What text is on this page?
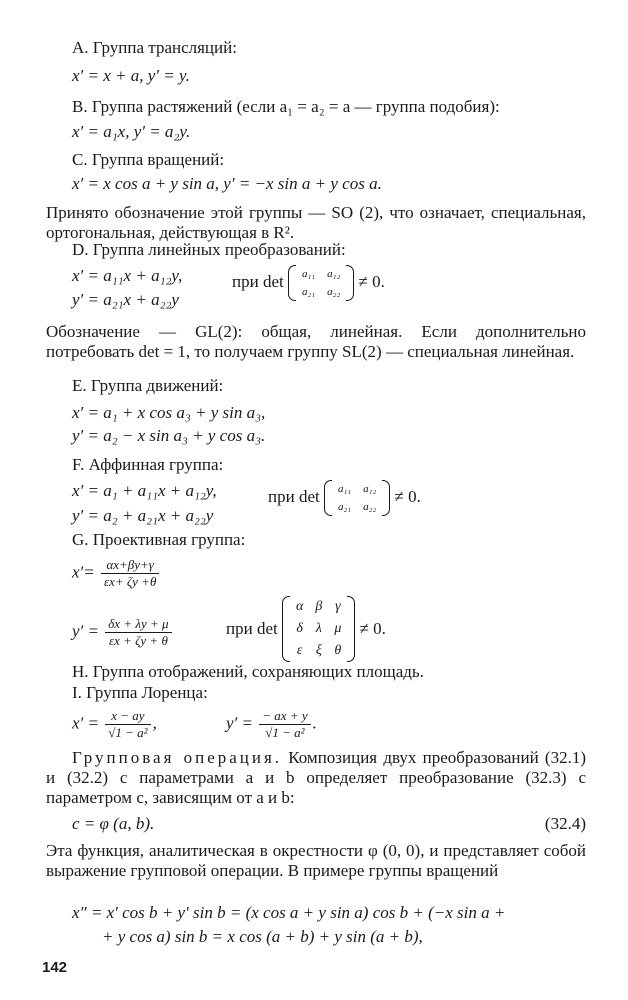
A. Группа трансляций:
x′ = x + a, y′ = y.
B. Группа растяжений (если a₁ = a₂ = a — группа подобия):
x′ = a₁x, y′ = a₂y.
C. Группа вращений:
x′ = x cos a + y sin a, y′ = −x sin a + y cos a.
Принято обозначение этой группы — SO (2), что означает, специальная, ортогональная, действующая в R².
D. Группа линейных преобразований:
x′ = a₁₁x + a₁₂y,
y′ = a₂₁x + a₂₂y
при det a₁₁	a₁₂
a₂₁	a₂₂
≠ 0.
Обозначение — GL(2): общая, линейная. Если дополнительно потребовать det = 1, то получаем группу SL(2) — специальная линейная.
E. Группа движений:
x′ = a₁ + x cos a₃ + y sin a₃,
y′ = a₂ − x sin a₃ + y cos a₃.
F. Аффинная группа:
x′ = a₁ + a₁₁x + a₁₂y,
y′ = a₂ + a₂₁x + a₂₂y
при det a₁₁	a₁₂
a₂₁	a₂₂
≠ 0.
G. Проективная группа:
$x'= \frac{\alpha x+\beta y+\gamma}{\varepsilon x+ \zeta y +\theta}$
$y' = \frac{\delta x + \lambda y + \mu}{\varepsilon x + \zeta y + \theta}$	при det
α	β	γ
δ	λ	μ
ε	ξ	θ
≠ 0.
H. Группа отображений, сохраняющих площадь.
I. Группа Лоренца:
$x' = \frac{x - ay}{\text{√1 − a²}}$ ,	$y' = \frac{- ax + y}{\text{√1 − a²}}$ .
Групповая операция. Композиция двух преобразований (32.1) и (32.2) с параметрами a и b определяет преобразование (32.3) с параметром c, зависящим от a и b:
c = φ (a, b).	(32.4)
Эта функция, аналитическая в окрестности φ (0, 0), и представляет собой выражение групповой операции. В примере группы вращений
x″ = x′ cos b + y′ sin b = (x cos a + y sin a) cos b + (−x sin a +
+ y cos a) sin b = x cos (a + b) + y sin (a + b),
142
